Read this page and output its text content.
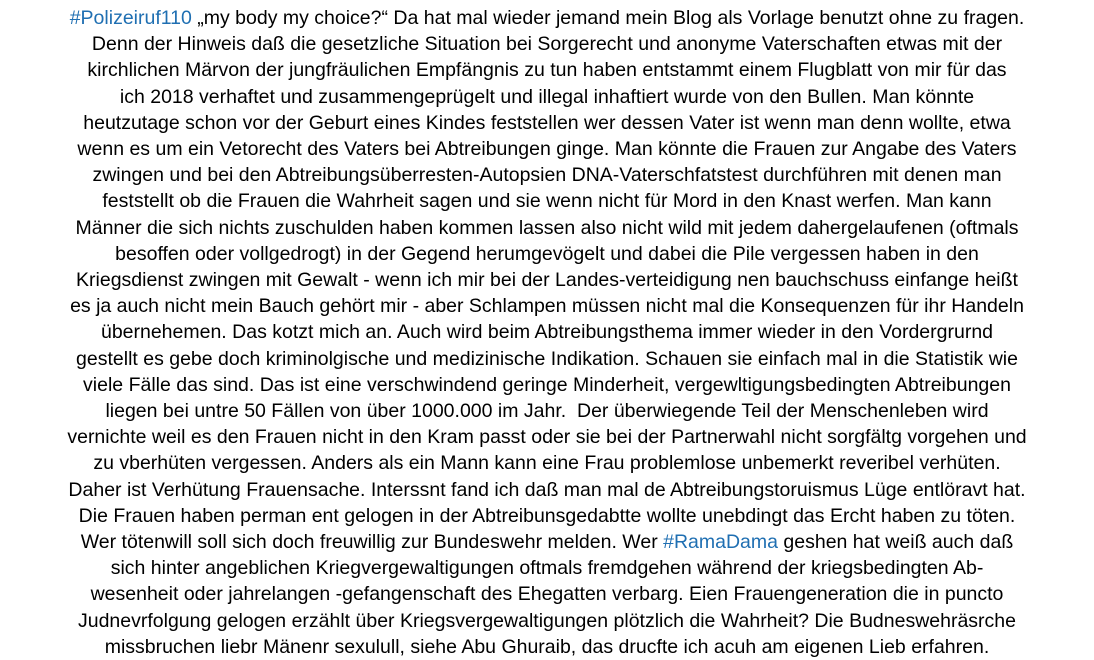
#Polizeiruf110 „my body my choice?“ Da hat mal wieder jemand mein Blog als Vorlage benutzt ohne zu fragen.
Denn der Hinweis daß die gesetzliche Situation bei Sorgerecht und anonyme Vaterschaften etwas mit der
kirchlichen Märvon der jungfräulichen Empfängnis zu tun haben entstammt einem Flugblatt von mir für das
ich 2018 verhaftet und zusammengeprügelt und illegal inhaftiert wurde von den Bullen. Man könnte
heutzutage schon vor der Geburt eines Kindes feststellen wer dessen Vater ist wenn man denn wollte, etwa
wenn es um ein Vetorecht des Vaters bei Abtreibungen ginge. Man könnte die Frauen zur Angabe des Vaters
zwingen und bei den Abtreibungsüberresten-Autopsien DNA-Vaterschfatstest durchführen mit denen man
feststellt ob die Frauen die Wahrheit sagen und sie wenn nicht für Mord in den Knast werfen. Man kann
Männer die sich nichts zuschulden haben kommen lassen also nicht wild mit jedem dahergelaufenen (oftmals
besoffen oder vollgedrogt) in der Gegend herumgevögelt und dabei die Pile vergessen haben in den
Kriegsdienst zwingen mit Gewalt - wenn ich mir bei der Landes-verteidigung nen bauchschuss einfange heißt
es ja auch nicht mein Bauch gehört mir - aber Schlampen müssen nicht mal die Konsequenzen für ihr Handeln
übernehemen. Das kotzt mich an. Auch wird beim Abtreibungsthema immer wieder in den Vordergrurnd
gestellt es gebe doch kriminolgische und medizinische Indikation. Schauen sie einfach mal in die Statistik wie
viele Fälle das sind. Das ist eine verschwindend geringe Minderheit, vergewltigungsbedingten Abtreibungen
liegen bei untre 50 Fällen von über 1000.000 im Jahr.  Der überwiegende Teil der Menschenleben wird
vernichte weil es den Frauen nicht in den Kram passt oder sie bei der Partnerwahl nicht sorgfältg vorgehen und
zu vberhüten vergessen. Anders als ein Mann kann eine Frau problemlose unbemerkt reveribel verhüten.
Daher ist Verhütung Frauensache. Interssnt fand ich daß man mal de Abtreibungstoruismus Lüge entlöravt hat.
Die Frauen haben perman ent gelogen in der Abtreibunsgedabtte wollte unebdingt das Ercht haben zu töten.
Wer tötenwill soll sich doch freuwillig zur Bundeswehr melden. Wer #RamaDama geshen hat weiß auch daß
sich hinter angeblichen Kriegvergewaltigungen oftmals fremdgehen während der kriegsbedingten Ab-
wesenheit oder jahrelangen -gefangenschaft des Ehegatten verbarg. Eien Frauengeneration die in puncto
Judnevrfolgung gelogen erzählt über Kriegsvergewaltigungen plötzlich die Wahrheit? Die Budneswehräsrche
missbruchen liebr Mänenr sexulull, siehe Abu Ghuraib, das drucfte ich acuh am eigenen Lieb erfahren.
